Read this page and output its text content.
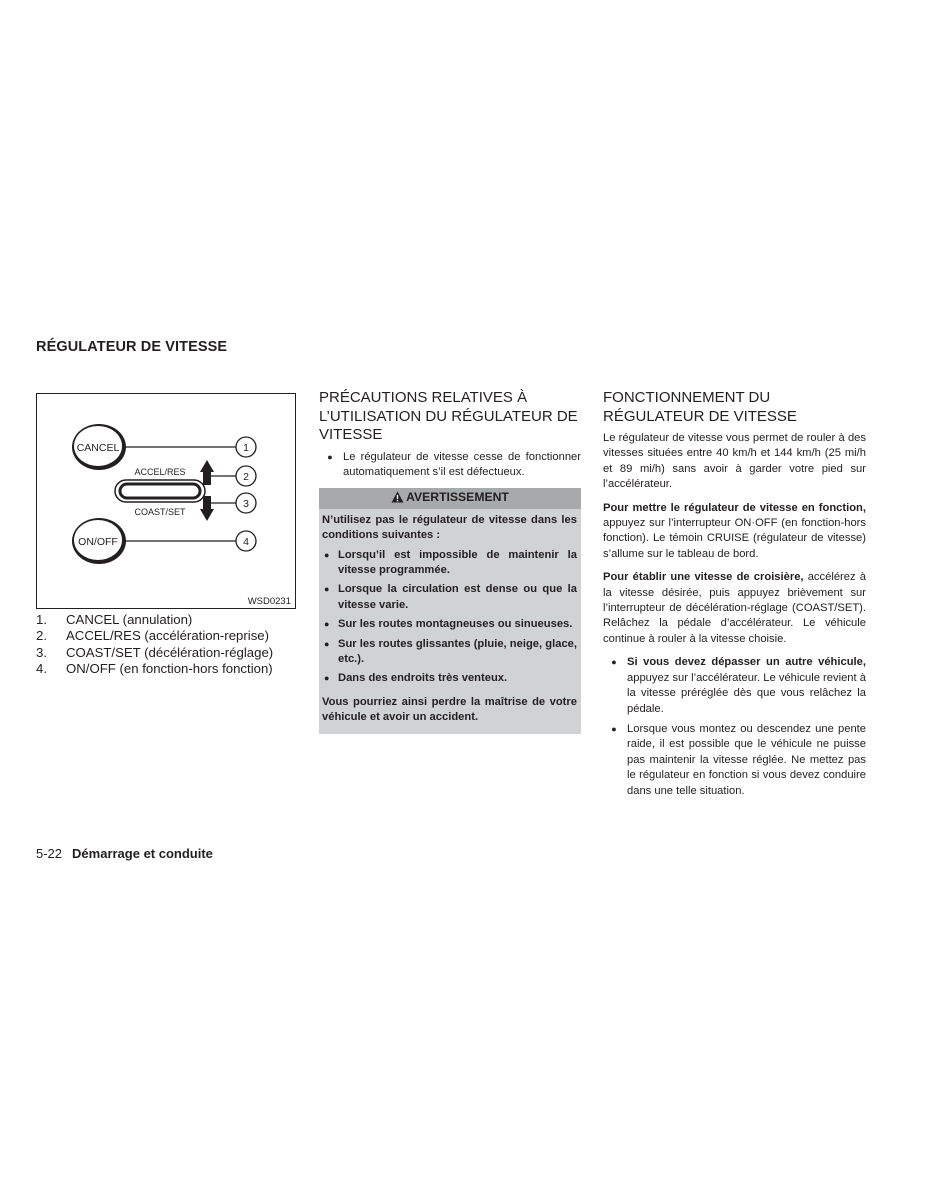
RÉGULATEUR DE VITESSE
CANCEL
ON/OFF
ACCEL/RES
COAST/SET
1
2
3
4
WSD0231
1.	CANCEL (annulation)
2.	ACCEL/RES (accélération-reprise)
3.	COAST/SET (décélération-réglage)
4.	ON/OFF (en fonction-hors fonction)
PRÉCAUTIONS RELATIVES À L’UTILISATION DU RÉGULATEUR DE VITESSE
● Le régulateur de vitesse cesse de fonctionner automatiquement s’il est défectueux.
AVERTISSEMENT

N’utilisez pas le régulateur de vitesse dans les conditions suivantes :

● Lorsqu’il est impossible de maintenir la vitesse programmée.
● Lorsque la circulation est dense ou que la vitesse varie.
● Sur les routes montagneuses ou sinueuses.
● Sur les routes glissantes (pluie, neige, glace, etc.).
● Dans des endroits très venteux.

Vous pourriez ainsi perdre la maîtrise de votre véhicule et avoir un accident.

FONCTIONNEMENT DU RÉGULATEUR DE VITESSE

Le régulateur de vitesse vous permet de rouler à des vitesses situées entre 40 km/h et 144 km/h (25 mi/h et 89 mi/h) sans avoir à garder votre pied sur l’accélérateur.

Pour mettre le régulateur de vitesse en fonction, appuyez sur l’interrupteur ON·OFF (en fonction-hors fonction). Le témoin CRUISE (régulateur de vitesse) s’allume sur le tableau de bord.

Pour établir une vitesse de croisière, accélérez à la vitesse désirée, puis appuyez brièvement sur l’interrupteur de décélération-réglage (COAST/SET). Relâchez la pédale d’accélérateur. Le véhicule continue à rouler à la vitesse choisie.

● Si vous devez dépasser un autre véhicule, appuyez sur l’accélérateur. Le véhicule revient à la vitesse préréglée dès que vous relâchez la pédale.
● Lorsque vous montez ou descendez une pente raide, il est possible que le véhicule ne puisse pas maintenir la vitesse réglée. Ne mettez pas le régulateur en fonction si vous devez conduire dans une telle situation.
5-22 Démarrage et conduite
